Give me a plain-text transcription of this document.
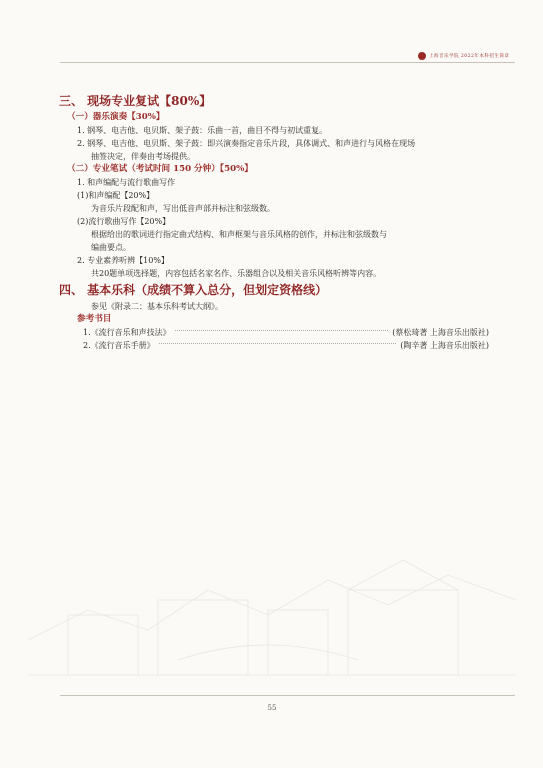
上海音乐学院 2022年本科招生简章

三、 现场专业复试【80%】

（一）器乐演奏【30%】

1. 钢琴、电吉他、电贝斯、架子鼓：乐曲一首，曲目不得与初试重复。

2. 钢琴、电吉他、电贝斯、架子鼓：即兴演奏指定音乐片段，具体调式、和声进行与风格在现场

抽签决定，伴奏由考场提供。

（二）专业笔试（考试时间 150 分钟）【50%】

1. 和声编配与流行歌曲写作

(1)和声编配【20%】

为音乐片段配和声，写出低音声部并标注和弦级数。

(2)流行歌曲写作【20%】

根据给出的歌词进行指定曲式结构、和声框架与音乐风格的创作，并标注和弦级数与

编曲要点。

2. 专业素养听辨【10%】

共20题单项选择题，内容包括名家名作、乐器组合以及相关音乐风格听辨等内容。

四、 基本乐科（成绩不算入总分，但划定资格线）

参见《附录二：基本乐科考试大纲》。

参考书目

1.《流行音乐和声技法》	(蔡松琦著 上海音乐出版社)
2.《流行音乐手册》	(陶辛著 上海音乐出版社)
55
